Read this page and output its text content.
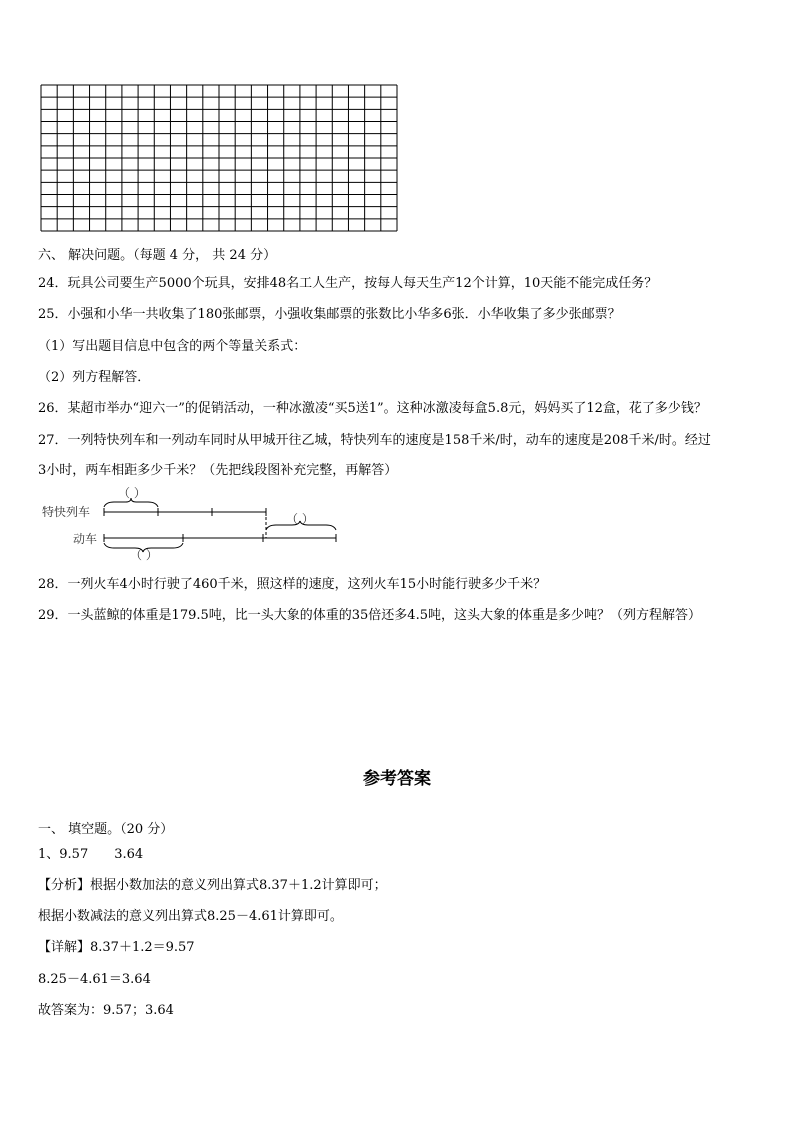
六、 解决问题。（每题 4 分， 共 24 分）
24．玩具公司要生产5000个玩具，安排48名工人生产，按每人每天生产12个计算，10天能不能完成任务？
25．小强和小华一共收集了180张邮票，小强收集邮票的张数比小华多6张．小华收集了多少张邮票？
（1）写出题目信息中包含的两个等量关系式：
（2）列方程解答．
26．某超市举办“迎六一”的促销活动，一种冰激凌“买5送1”。这种冰激凌每盒5.8元，妈妈买了12盒，花了多少钱？
27．一列特快列车和一列动车同时从甲城开往乙城，特快列车的速度是158千米/时，动车的速度是208千米/时。经过
3小时，两车相距多少千米？（先把线段图补充完整，再解答）
特快列车
动车
（ ）
（ ）
（ ）
28．一列火车4小时行驶了460千米，照这样的速度，这列火车15小时能行驶多少千米？
29．一头蓝鲸的体重是179.5吨，比一头大象的体重的35倍还多4.5吨，这头大象的体重是多少吨？（列方程解答）
参考答案
一、 填空题。（20 分）
1、9.57　　3.64
【分析】根据小数加法的意义列出算式8.37＋1.2计算即可；
根据小数减法的意义列出算式8.25－4.61计算即可。
【详解】8.37＋1.2＝9.57
8.25－4.61＝3.64
故答案为：9.57；3.64
